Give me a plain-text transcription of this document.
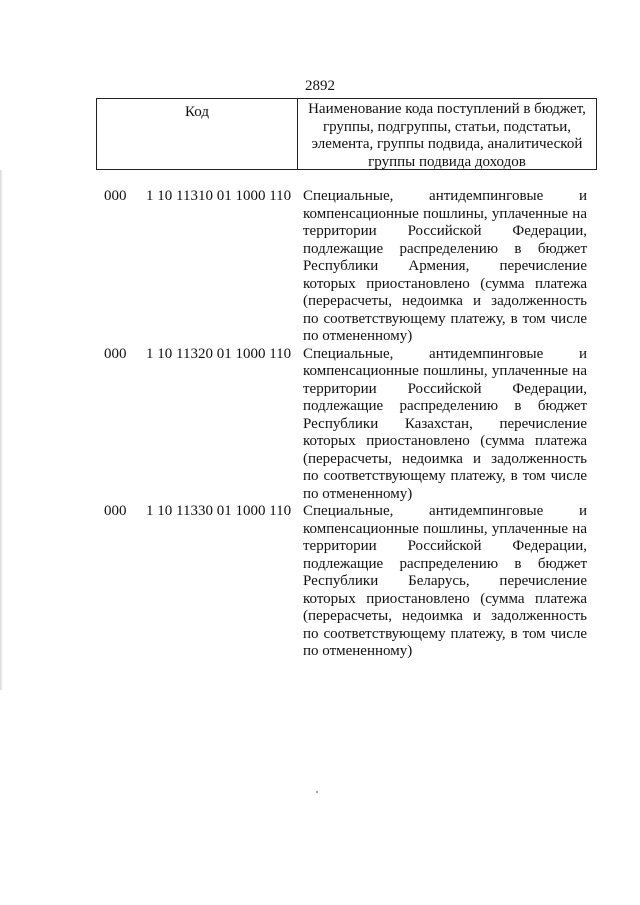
2892
Код	Наименование кода поступлений в бюджет, группы, подгруппы, статьи, подстатьи, элемента, группы подвида, аналитической группы подвида доходов
000 1 10 11310 01 1000 110 Специальные, антидемпинговые и компенсационные пошлины, уплаченные на территории Российской Федерации, подлежащие распределению в бюджет Республики Армения, перечисление которых приостановлено (сумма платежа (перерасчеты, недоимка и задолженность по соответствующему платежу, в том числе по отмененному)

000 1 10 11320 01 1000 110 Специальные, антидемпинговые и компенсационные пошлины, уплаченные на территории Российской Федерации, подлежащие распределению в бюджет Республики Казахстан, перечисление которых приостановлено (сумма платежа (перерасчеты, недоимка и задолженность по соответствующему платежу, в том числе по отмененному)

000 1 10 11330 01 1000 110 Специальные, антидемпинговые и компенсационные пошлины, уплаченные на территории Российской Федерации, подлежащие распределению в бюджет Республики Беларусь, перечисление которых приостановлено (сумма платежа (перерасчеты, недоимка и задолженность по соответствующему платежу, в том числе по отмененному)
